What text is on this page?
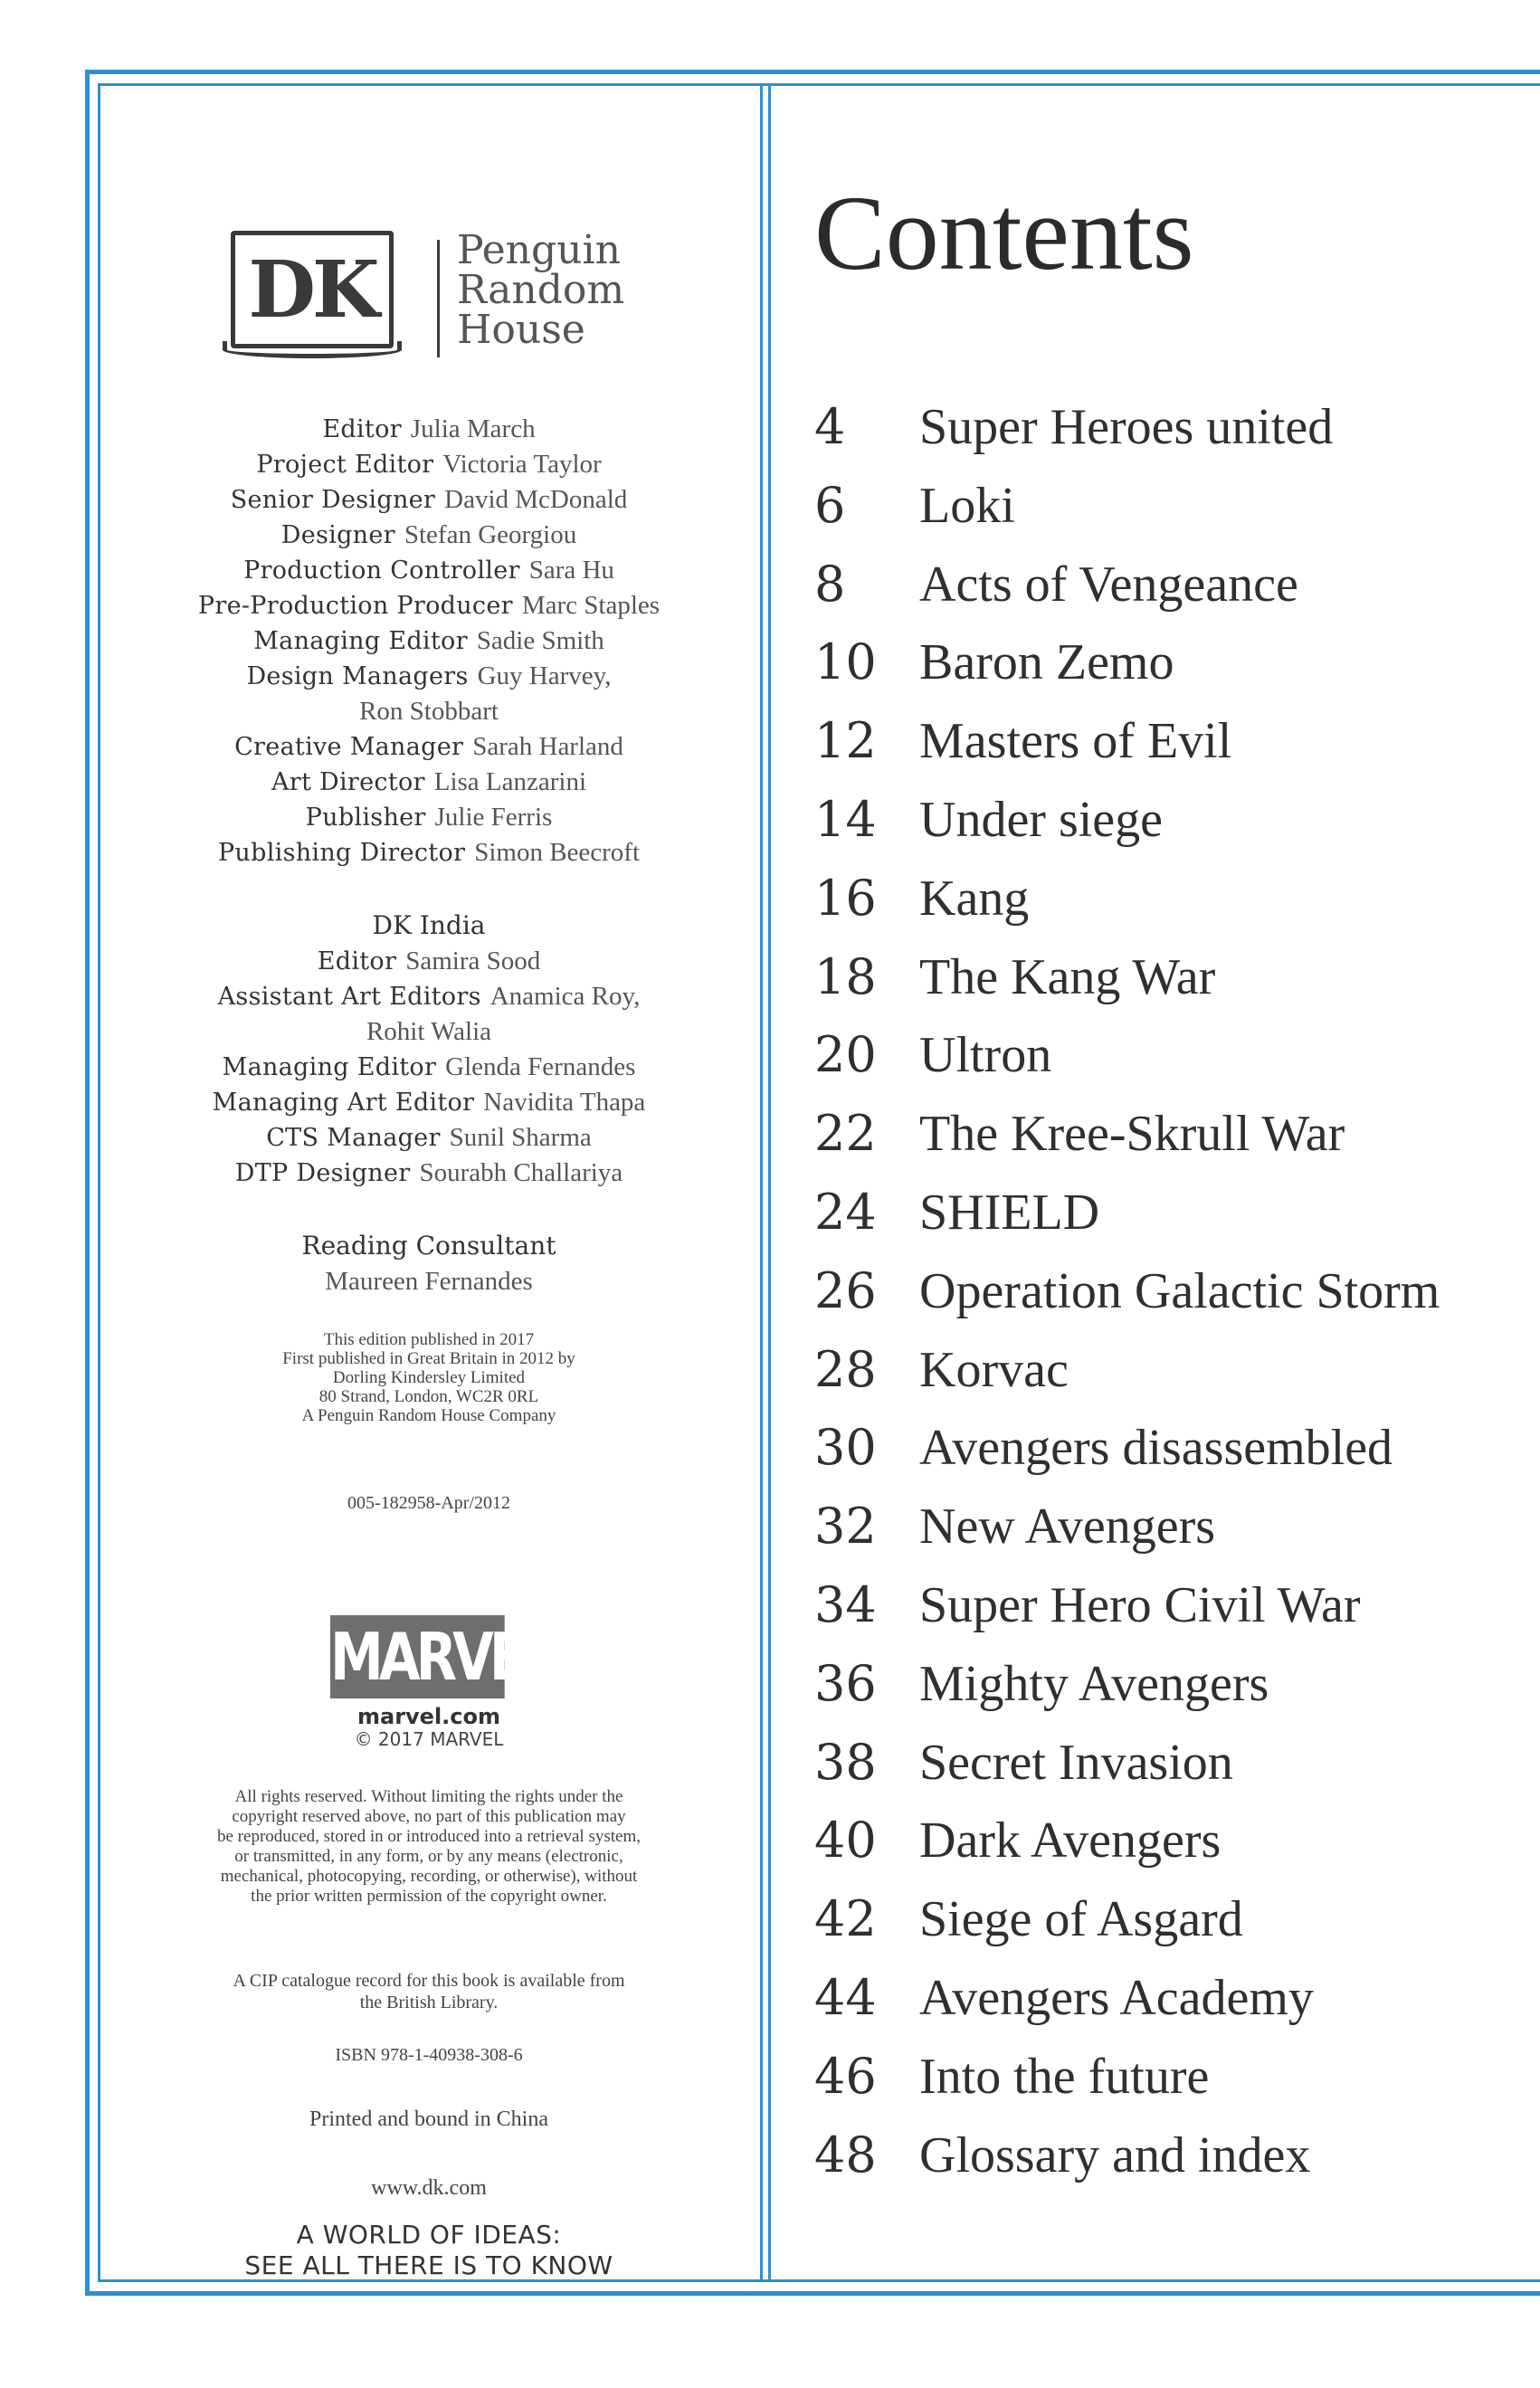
DK Penguin
Random
House
Editor Julia March
Project Editor Victoria Taylor
Senior Designer David McDonald
Designer Stefan Georgiou
Production Controller Sara Hu
Pre-Production Producer Marc Staples
Managing Editor Sadie Smith
Design Managers Guy Harvey,
Ron Stobbart
Creative Manager Sarah Harland
Art Director Lisa Lanzarini
Publisher Julie Ferris
Publishing Director Simon Beecroft
DK India
Editor Samira Sood
Assistant Art Editors Anamica Roy,
Rohit Walia
Managing Editor Glenda Fernandes
Managing Art Editor Navidita Thapa
CTS Manager Sunil Sharma
DTP Designer Sourabh Challariya
Reading Consultant
Maureen Fernandes
This edition published in 2017
First published in Great Britain in 2012 by
Dorling Kindersley Limited
80 Strand, London, WC2R 0RL
A Penguin Random House Company
005-182958-Apr/2012
MARVEL
marvel.com
© 2017 MARVEL
All rights reserved. Without limiting the rights under the
copyright reserved above, no part of this publication may
be reproduced, stored in or introduced into a retrieval system,
or transmitted, in any form, or by any means (electronic,
mechanical, photocopying, recording, or otherwise), without
the prior written permission of the copyright owner.
A CIP catalogue record for this book is available from
the British Library.
ISBN 978-1-40938-308-6
Printed and bound in China
www.dk.com
A WORLD OF IDEAS:
SEE ALL THERE IS TO KNOW
Contents
4 Super Heroes united
6 Loki
8 Acts of Vengeance
10 Baron Zemo
12 Masters of Evil
14 Under siege
16 Kang
18 The Kang War
20 Ultron
22 The Kree-Skrull War
24 SHIELD
26 Operation Galactic Storm
28 Korvac
30 Avengers disassembled
32 New Avengers
34 Super Hero Civil War
36 Mighty Avengers
38 Secret Invasion
40 Dark Avengers
42 Siege of Asgard
44 Avengers Academy
46 Into the future
48 Glossary and index
